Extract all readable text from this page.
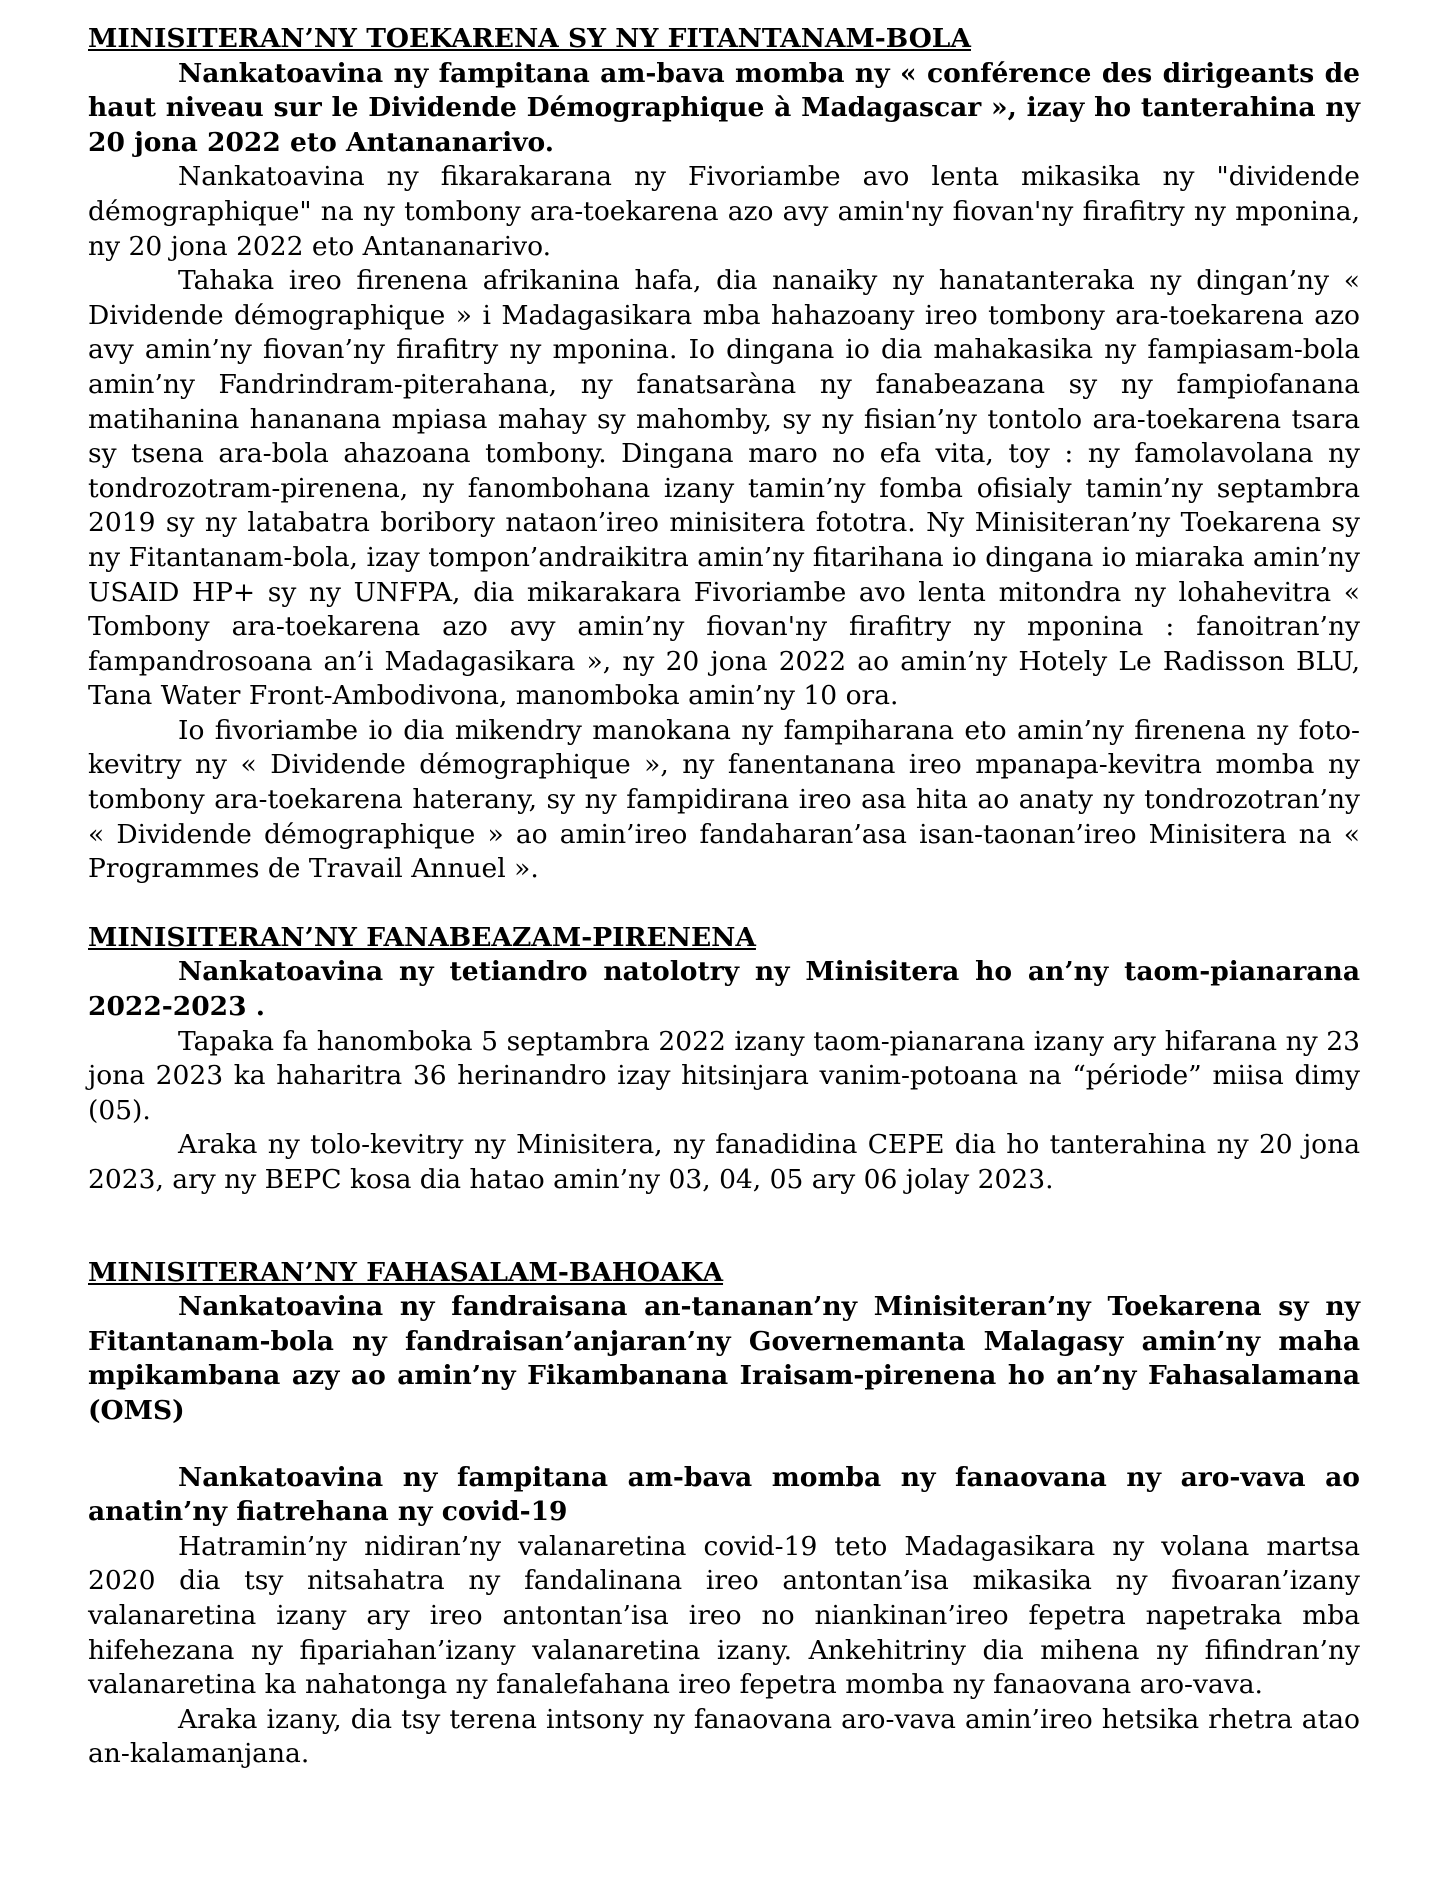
MINISITERAN’NY TOEKARENA SY NY FITANTANAM-BOLA

Nankatoavina ny fampitana am-bava momba ny « conférence des dirigeants de haut niveau sur le Dividende Démographique à Madagascar », izay ho tanterahina ny 20 jona 2022 eto Antananarivo.

Nankatoavina ny fikarakarana ny Fivoriambe avo lenta mikasika ny "dividende démographique" na ny tombony ara-toekarena azo avy amin'ny fiovan'ny firafitry ny mponina, ny 20 jona 2022 eto Antananarivo.

Tahaka ireo firenena afrikanina hafa, dia nanaiky ny hanatanteraka ny dingan’ny « Dividende démographique » i Madagasikara mba hahazoany ireo tombony ara-toekarena azo avy amin’ny fiovan’ny firafitry ny mponina. Io dingana io dia mahakasika ny fampiasam-bola amin’ny Fandrindram-piterahana, ny fanatsaràna ny fanabeazana sy ny fampiofanana matihanina hananana mpiasa mahay sy mahomby, sy ny fisian’ny tontolo ara-toekarena tsara sy tsena ara-bola ahazoana tombony. Dingana maro no efa vita, toy : ny famolavolana ny tondrozotram-pirenena, ny fanombohana izany tamin’ny fomba ofisialy tamin’ny septambra 2019 sy ny latabatra boribory nataon’ireo minisitera fototra. Ny Minisiteran’ny Toekarena sy ny Fitantanam-bola, izay tompon’andraikitra amin’ny fitarihana io dingana io miaraka amin’ny USAID HP+ sy ny UNFPA, dia mikarakara Fivoriambe avo lenta mitondra ny lohahevitra « Tombony ara-toekarena azo avy amin’ny fiovan'ny firafitry ny mponina : fanoitran’ny fampandrosoana an’i Madagasikara », ny 20 jona 2022 ao amin’ny Hotely Le Radisson BLU, Tana Water Front-Ambodivona, manomboka amin’ny 10 ora.

Io fivoriambe io dia mikendry manokana ny fampiharana eto amin’ny firenena ny foto-kevitry ny « Dividende démographique », ny fanentanana ireo mpanapa-kevitra momba ny tombony ara-toekarena haterany, sy ny fampidirana ireo asa hita ao anaty ny tondrozotran’ny « Dividende démographique » ao amin’ireo fandaharan’asa isan-taonan’ireo Minisitera na « Programmes de Travail Annuel ».

MINISITERAN’NY FANABEAZAM-PIRENENA

Nankatoavina ny tetiandro natolotry ny Minisitera ho an’ny taom-pianarana 2022-2023 .

Tapaka fa hanomboka 5 septambra 2022 izany taom-pianarana izany ary hifarana ny 23 jona 2023 ka haharitra 36 herinandro izay hitsinjara vanim-potoana na “période” miisa dimy (05).

Araka ny tolo-kevitry ny Minisitera, ny fanadidina CEPE dia ho tanterahina ny 20 jona 2023, ary ny BEPC kosa dia hatao amin’ny 03, 04, 05 ary 06 jolay 2023.

MINISITERAN’NY FAHASALAM-BAHOAKA

Nankatoavina ny fandraisana an-tananan’ny Minisiteran’ny Toekarena sy ny Fitantanam-bola ny fandraisan’anjaran’ny Governemanta Malagasy amin’ny maha mpikambana azy ao amin’ny Fikambanana Iraisam-pirenena ho an’ny Fahasalamana (OMS)

Nankatoavina ny fampitana am-bava momba ny fanaovana ny aro-vava ao anatin’ny fiatrehana ny covid-19

Hatramin’ny nidiran’ny valanaretina covid-19 teto Madagasikara ny volana martsa 2020 dia tsy nitsahatra ny fandalinana ireo antontan’isa mikasika ny fivoaran’izany valanaretina izany ary ireo antontan’isa ireo no niankinan’ireo fepetra napetraka mba hifehezana ny fipariahan’izany valanaretina izany. Ankehitriny dia mihena ny fifindran’ny valanaretina ka nahatonga ny fanalefahana ireo fepetra momba ny fanaovana aro-vava.

Araka izany, dia tsy terena intsony ny fanaovana aro-vava amin’ireo hetsika rhetra atao an-kalamanjana.
